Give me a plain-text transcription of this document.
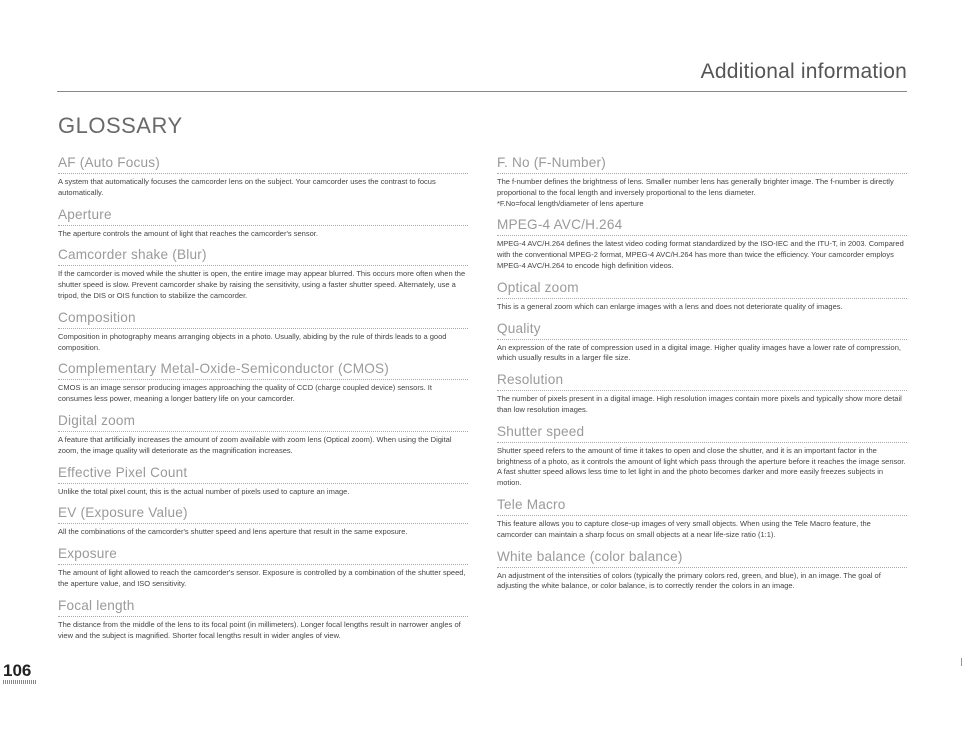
Additional information
GLOSSARY
AF (Auto Focus)

A system that automatically focuses the camcorder lens on the subject. Your camcorder uses the contrast to focus automatically.

Aperture

The aperture controls the amount of light that reaches the camcorder's sensor.

Camcorder shake (Blur)

If the camcorder is moved while the shutter is open, the entire image may appear blurred. This occurs more often when the shutter speed is slow. Prevent camcorder shake by raising the sensitivity, using a faster shutter speed. Alternately, use a tripod, the DIS or OIS function to stabilize the camcorder.

Composition

Composition in photography means arranging objects in a photo. Usually, abiding by the rule of thirds leads to a good composition.

Complementary Metal-Oxide-Semiconductor (CMOS)

CMOS is an image sensor producing images approaching the quality of CCD (charge coupled device) sensors. It consumes less power, meaning a longer battery life on your camcorder.

Digital zoom

A feature that artificially increases the amount of zoom available with zoom lens (Optical zoom). When using the Digital zoom, the image quality will deteriorate as the magnification increases.

Effective Pixel Count

Unlike the total pixel count, this is the actual number of pixels used to capture an image.

EV (Exposure Value)

All the combinations of the camcorder's shutter speed and lens aperture that result in the same exposure.

Exposure

The amount of light allowed to reach the camcorder's sensor. Exposure is controlled by a combination of the shutter speed, the aperture value, and ISO sensitivity.

Focal length

The distance from the middle of the lens to its focal point (in millimeters). Longer focal lengths result in narrower angles of view and the subject is magnified. Shorter focal lengths result in wider angles of view.

F. No (F-Number)

The f-number defines the brightness of lens. Smaller number lens has generally brighter image. The f-number is directly proportional to the focal length and inversely proportional to the lens diameter.

*F.No=focal length/diameter of lens aperture

MPEG-4 AVC/H.264

MPEG-4 AVC/H.264 defines the latest video coding format standardized by the ISO-IEC and the ITU-T, in 2003. Compared with the conventional MPEG-2 format, MPEG-4 AVC/H.264 has more than twice the efficiency. Your camcorder employs MPEG-4 AVC/H.264 to encode high definition videos.

Optical zoom

This is a general zoom which can enlarge images with a lens and does not deteriorate quality of images.

Quality

An expression of the rate of compression used in a digital image. Higher quality images have a lower rate of compression, which usually results in a larger file size.

Resolution

The number of pixels present in a digital image. High resolution images contain more pixels and typically show more detail than low resolution images.

Shutter speed

Shutter speed refers to the amount of time it takes to open and close the shutter, and it is an important factor in the brightness of a photo, as it controls the amount of light which pass through the aperture before it reaches the image sensor. A fast shutter speed allows less time to let light in and the photo becomes darker and more easily freezes subjects in motion.

Tele Macro

This feature allows you to capture close-up images of very small objects. When using the Tele Macro feature, the camcorder can maintain a sharp focus on small objects at a near life-size ratio (1:1).

White balance (color balance)

An adjustment of the intensities of colors (typically the primary colors red, green, and blue), in an image. The goal of adjusting the white balance, or color balance, is to correctly render the colors in an image.

106
